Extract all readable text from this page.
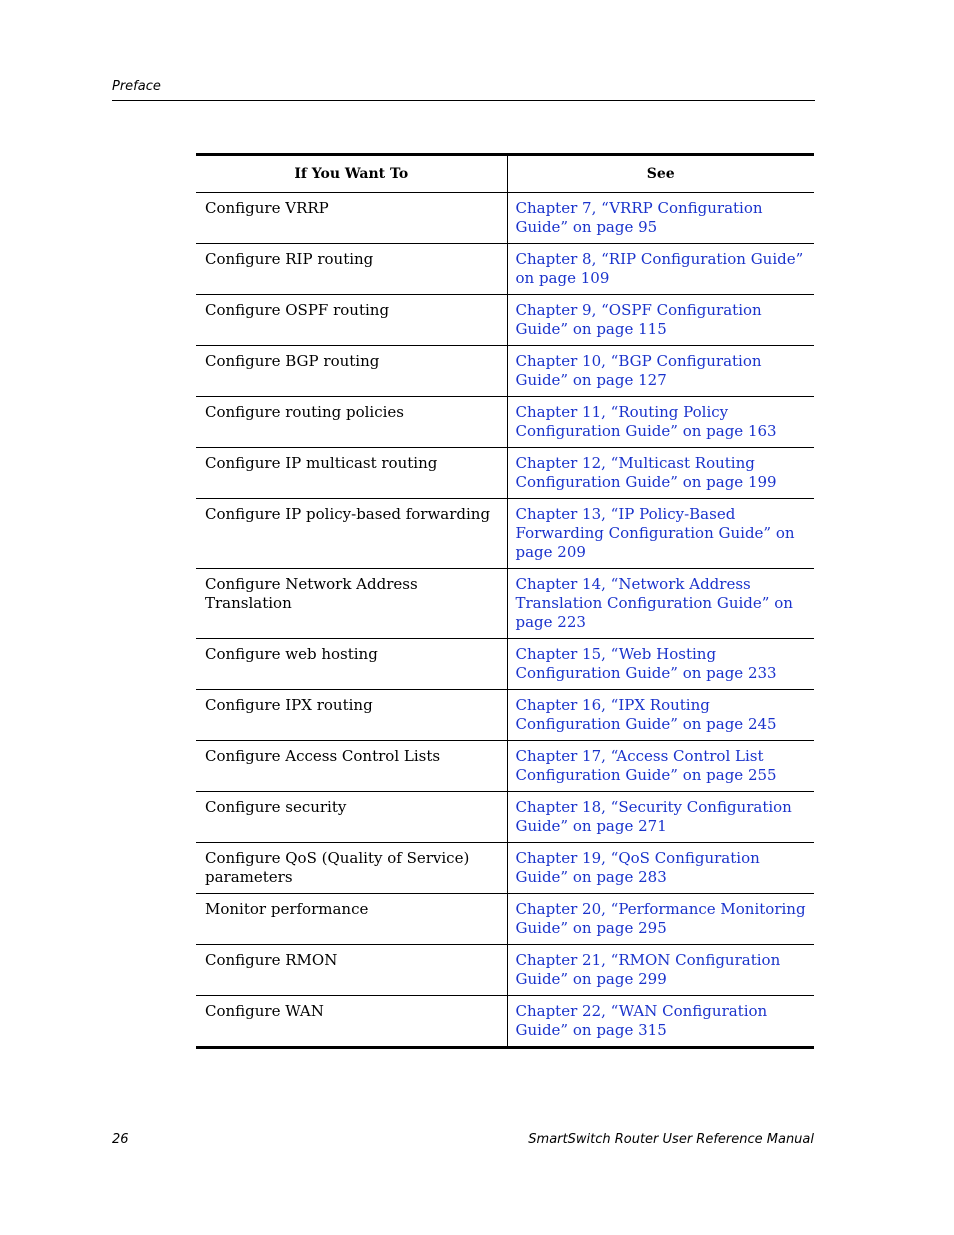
Preface
If You Want To	See
Configure VRRP	Chapter 7, “VRRP Configuration Guide” on page 95
Configure RIP routing	Chapter 8, “RIP Configuration Guide” on page 109
Configure OSPF routing	Chapter 9, “OSPF Configuration Guide” on page 115
Configure BGP routing	Chapter 10, “BGP Configuration Guide” on page 127
Configure routing policies	Chapter 11, “Routing Policy Configuration Guide” on page 163
Configure IP multicast routing	Chapter 12, “Multicast Routing Configuration Guide” on page 199
Configure IP policy-based forwarding	Chapter 13, “IP Policy-Based Forwarding Configuration Guide” on page 209
Configure Network Address Translation	Chapter 14, “Network Address Translation Configuration Guide” on page 223
Configure web hosting	Chapter 15, “Web Hosting Configuration Guide” on page 233
Configure IPX routing	Chapter 16, “IPX Routing Configuration Guide” on page 245
Configure Access Control Lists	Chapter 17, “Access Control List Configuration Guide” on page 255
Configure security	Chapter 18, “Security Configuration Guide” on page 271
Configure QoS (Quality of Service) parameters	Chapter 19, “QoS Configuration Guide” on page 283
Monitor performance	Chapter 20, “Performance Monitoring Guide” on page 295
Configure RMON	Chapter 21, “RMON Configuration Guide” on page 299
Configure WAN	Chapter 22, “WAN Configuration Guide” on page 315
26	SmartSwitch Router User Reference Manual
